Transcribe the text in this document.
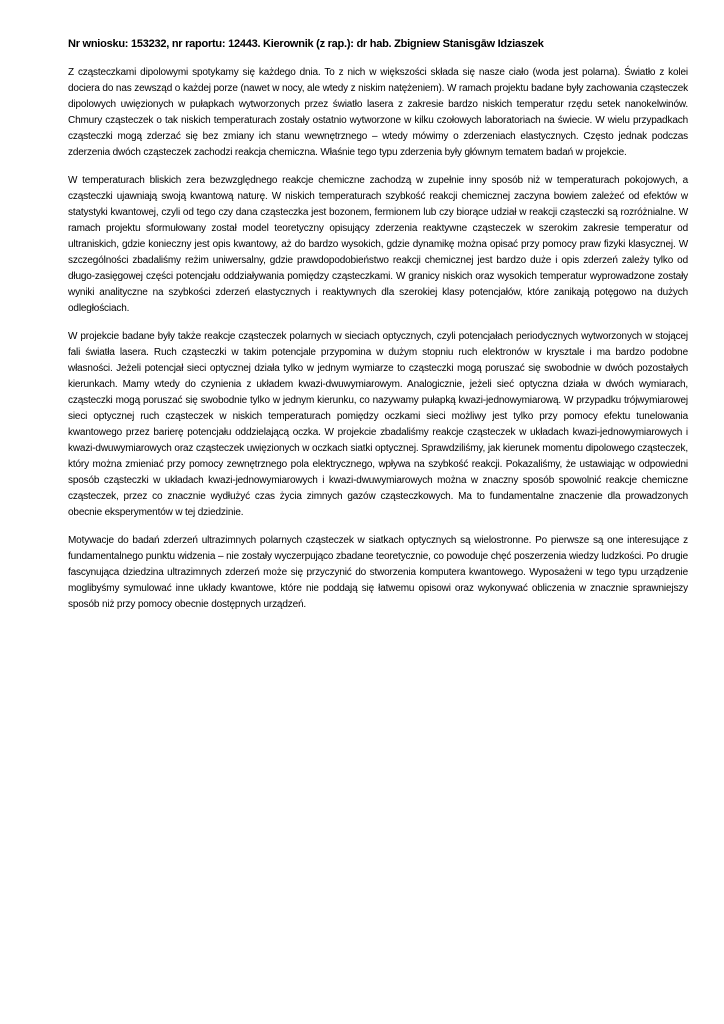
Nr wniosku: 153232, nr raportu: 12443. Kierownik (z rap.): dr hab. Zbigniew Stanisgāw Idziaszek

Z cząsteczkami dipolowymi spotykamy się każdego dnia. To z nich w większości składa się nasze ciało (woda jest polarna). Światło z kolei dociera do nas zewsząd o każdej porze (nawet w nocy, ale wtedy z niskim natężeniem). W ramach projektu badane były zachowania cząsteczek dipolowych uwięzionych w pułapkach wytworzonych przez światło lasera z zakresie bardzo niskich temperatur rzędu setek nanokelwinów. Chmury cząsteczek o tak niskich temperaturach zostały ostatnio wytworzone w kilku czołowych laboratoriach na świecie. W wielu przypadkach cząsteczki mogą zderzać się bez zmiany ich stanu wewnętrznego – wtedy mówimy o zderzeniach elastycznych. Często jednak podczas zderzenia dwóch cząsteczek zachodzi reakcja chemiczna. Właśnie tego typu zderzenia były głównym tematem badań w projekcie.

W temperaturach bliskich zera bezwzględnego reakcje chemiczne zachodzą w zupełnie inny sposób niż w temperaturach pokojowych, a cząsteczki ujawniają swoją kwantową naturę. W niskich temperaturach szybkość reakcji chemicznej zaczyna bowiem zależeć od efektów w statystyki kwantowej, czyli od tego czy dana cząsteczka jest bozonem, fermionem lub czy biorące udział w reakcji cząsteczki są rozróżnialne. W ramach projektu sformułowany został model teoretyczny opisujący zderzenia reaktywne cząsteczek w szerokim zakresie temperatur od ultraniskich, gdzie konieczny jest opis kwantowy, aż do bardzo wysokich, gdzie dynamikę można opisać przy pomocy praw fizyki klasycznej. W szczególności zbadaliśmy reżim uniwersalny, gdzie prawdopodobieństwo reakcji chemicznej jest bardzo duże i opis zderzeń zależy tylko od długo-zasięgowej części potencjału oddziaływania pomiędzy cząsteczkami. W granicy niskich oraz wysokich temperatur wyprowadzone zostały wyniki analityczne na szybkości zderzeń elastycznych i reaktywnych dla szerokiej klasy potencjałów, które zanikają potęgowo na dużych odległościach.

W projekcie badane były także reakcje cząsteczek polarnych w sieciach optycznych, czyli potencjałach periodycznych wytworzonych w stojącej fali światła lasera. Ruch cząsteczki w takim potencjale przypomina w dużym stopniu ruch elektronów w krysztale i ma bardzo podobne własności. Jeżeli potencjał sieci optycznej działa tylko w jednym wymiarze to cząsteczki mogą poruszać się swobodnie w dwóch pozostałych kierunkach. Mamy wtedy do czynienia z układem kwazi-dwuwymiarowym. Analogicznie, jeżeli sieć optyczna działa w dwóch wymiarach, cząsteczki mogą poruszać się swobodnie tylko w jednym kierunku, co nazywamy pułapką kwazi-jednowymiarową. W przypadku trójwymiarowej sieci optycznej ruch cząsteczek w niskich temperaturach pomiędzy oczkami sieci możliwy jest tylko przy pomocy efektu tunelowania kwantowego przez barierę potencjału oddzielającą oczka. W projekcie zbadaliśmy reakcje cząsteczek w układach kwazi-jednowymiarowych i kwazi-dwuwymiarowych oraz cząsteczek uwięzionych w oczkach siatki optycznej. Sprawdziliśmy, jak kierunek momentu dipolowego cząsteczek, który można zmieniać przy pomocy zewnętrznego pola elektrycznego, wpływa na szybkość reakcji. Pokazaliśmy, że ustawiając w odpowiedni sposób cząsteczki w układach kwazi-jednowymiarowych i kwazi-dwuwymiarowych można w znaczny sposób spowolnić reakcje chemiczne cząsteczek, przez co znacznie wydłużyć czas życia zimnych gazów cząsteczkowych. Ma to fundamentalne znaczenie dla prowadzonych obecnie eksperymentów w tej dziedzinie.

Motywacje do badań zderzeń ultrazimnych polarnych cząsteczek w siatkach optycznych są wielostronne. Po pierwsze są one interesujące z fundamentalnego punktu widzenia – nie zostały wyczerpująco zbadane teoretycznie, co powoduje chęć poszerzenia wiedzy ludzkości. Po drugie fascynująca dziedzina ultrazimnych zderzeń może się przyczynić do stworzenia komputera kwantowego. Wyposażeni w tego typu urządzenie moglibyśmy symulować inne układy kwantowe, które nie poddają się łatwemu opisowi oraz wykonywać obliczenia w znacznie sprawniejszy sposób niż przy pomocy obecnie dostępnych urządzeń.
